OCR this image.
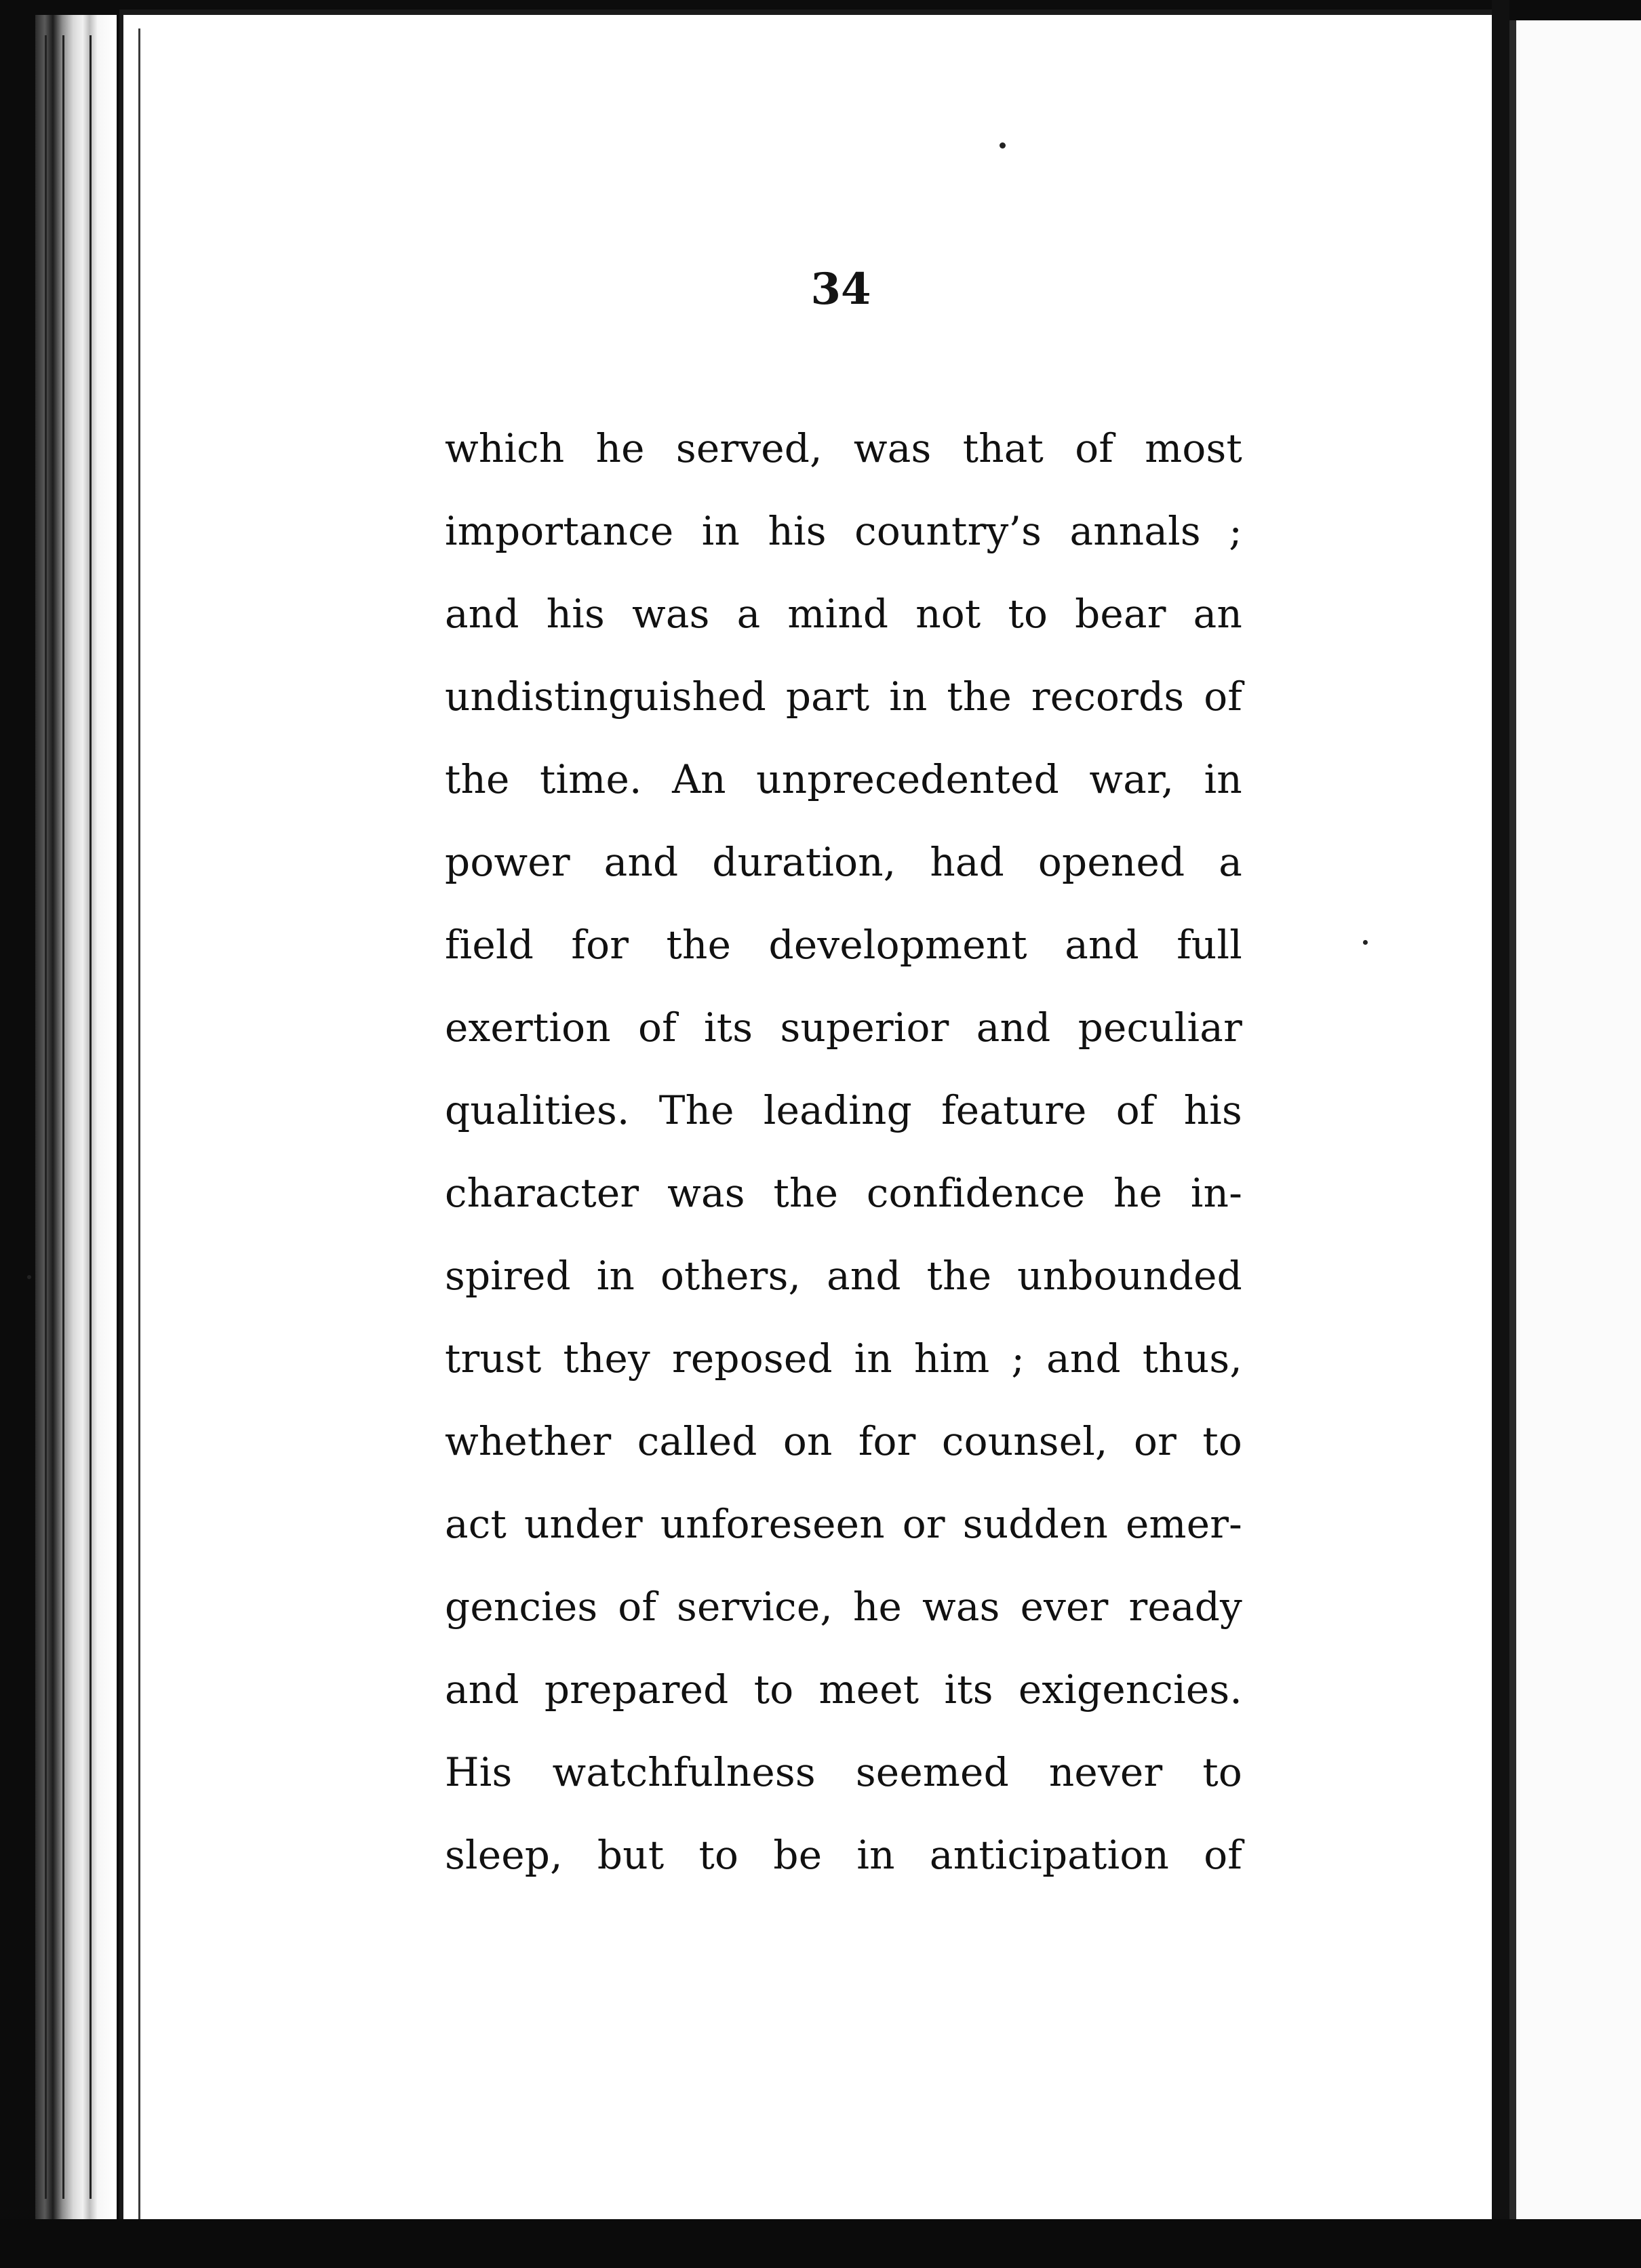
34
which he served, was that of most
importance in his country’s annals ;
and his was a mind not to bear an
undistinguished part in the records of
the time. An unprecedented war, in
power and duration, had opened a
field for the development and full
exertion of its superior and peculiar
qualities. The leading feature of his
character was the confidence he in-
spired in others, and the unbounded
trust they reposed in him ; and thus,
whether called on for counsel, or to
act under unforeseen or sudden emer-
gencies of service, he was ever ready
and prepared to meet its exigencies.
His watchfulness seemed never to
sleep, but to be in anticipation of
